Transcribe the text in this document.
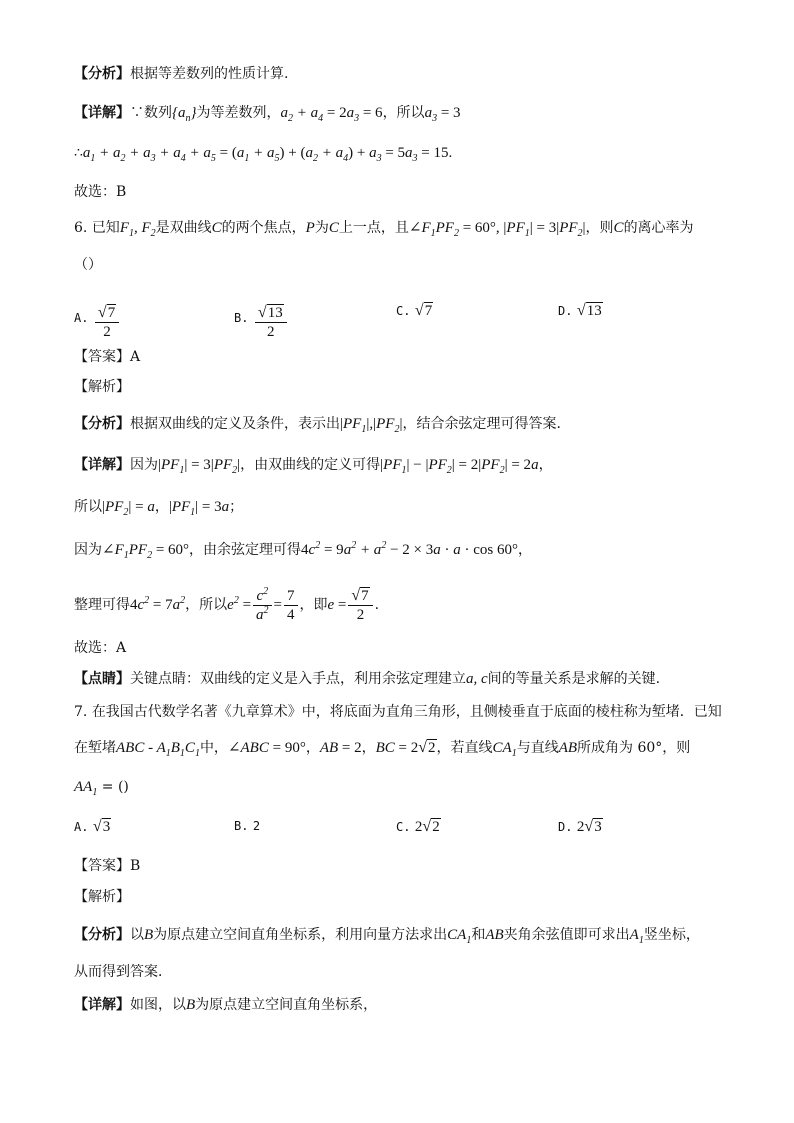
【分析】根据等差数列的性质计算.
【详解】∵数列$\{a_n\}$为等差数列，$a_2 + a_4 = 2a_3 = 6$，所以$a_3 = 3$
$\therefore a_1 + a_2 + a_3 + a_4 + a_5 = (a_1 + a_5) + (a_2 + a_4) + a_3 = 5a_3 = 15$.
故选：B
6. 已知$F_1$, $F_2$是双曲线C的两个焦点，P为C上一点，且$\angle F_1PF_2 = 60^\circ$, $|PF_1| = 3|PF_2|$，则C的离心率为
（）
A. $\frac{√7}{2}$	B. $\frac{√13}{2}$	C. √7	D. √13
【答案】A
【解析】
【分析】根据双曲线的定义及条件，表示出$|PF_1|,|PF_2|$，结合余弦定理可得答案.
【详解】因为$|PF_1| = 3|PF_2|$，由双曲线的定义可得$|PF_1| - |PF_2| = 2|PF_2| = 2a$，
所以$|PF_2| = a$，$|PF_1| = 3a$；
因为$\angle F_1PF_2 = 60^\circ$，由余弦定理可得$4c^2 = 9a^2 + a^2 - 2 \times 3a \cdot a \cdot \cos 60^\circ$，
整理可得$4c^2 = 7a^2$，所以$e^2 = \frac{c^2}{a^2} = \frac{7}{4}$ ，即$e = \frac{√7}{2}$ .
故选：A
【点睛】关键点睛：双曲线的定义是入手点，利用余弦定理建立a, c间的等量关系是求解的关键.
7. 在我国古代数学名著《九章算术》中，将底面为直角三角形，且侧棱垂直于底面的棱柱称为堑堵．已知
在堑堵ABC - $A_1B_1C_1$中，∠ABC = 90°，AB = 2，BC = 2√2，若直线$CA_1$与直线AB所成角为 60°，则
$AA_1$ = ()
A. √3	B. 2	C. 2√2	D. 2√3
【答案】B
【解析】
【分析】以B为原点建立空间直角坐标系，利用向量方法求出$CA_1$和AB夹角余弦值即可求出$A_1$竖坐标，
从而得到答案．
【详解】如图，以B为原点建立空间直角坐标系，
